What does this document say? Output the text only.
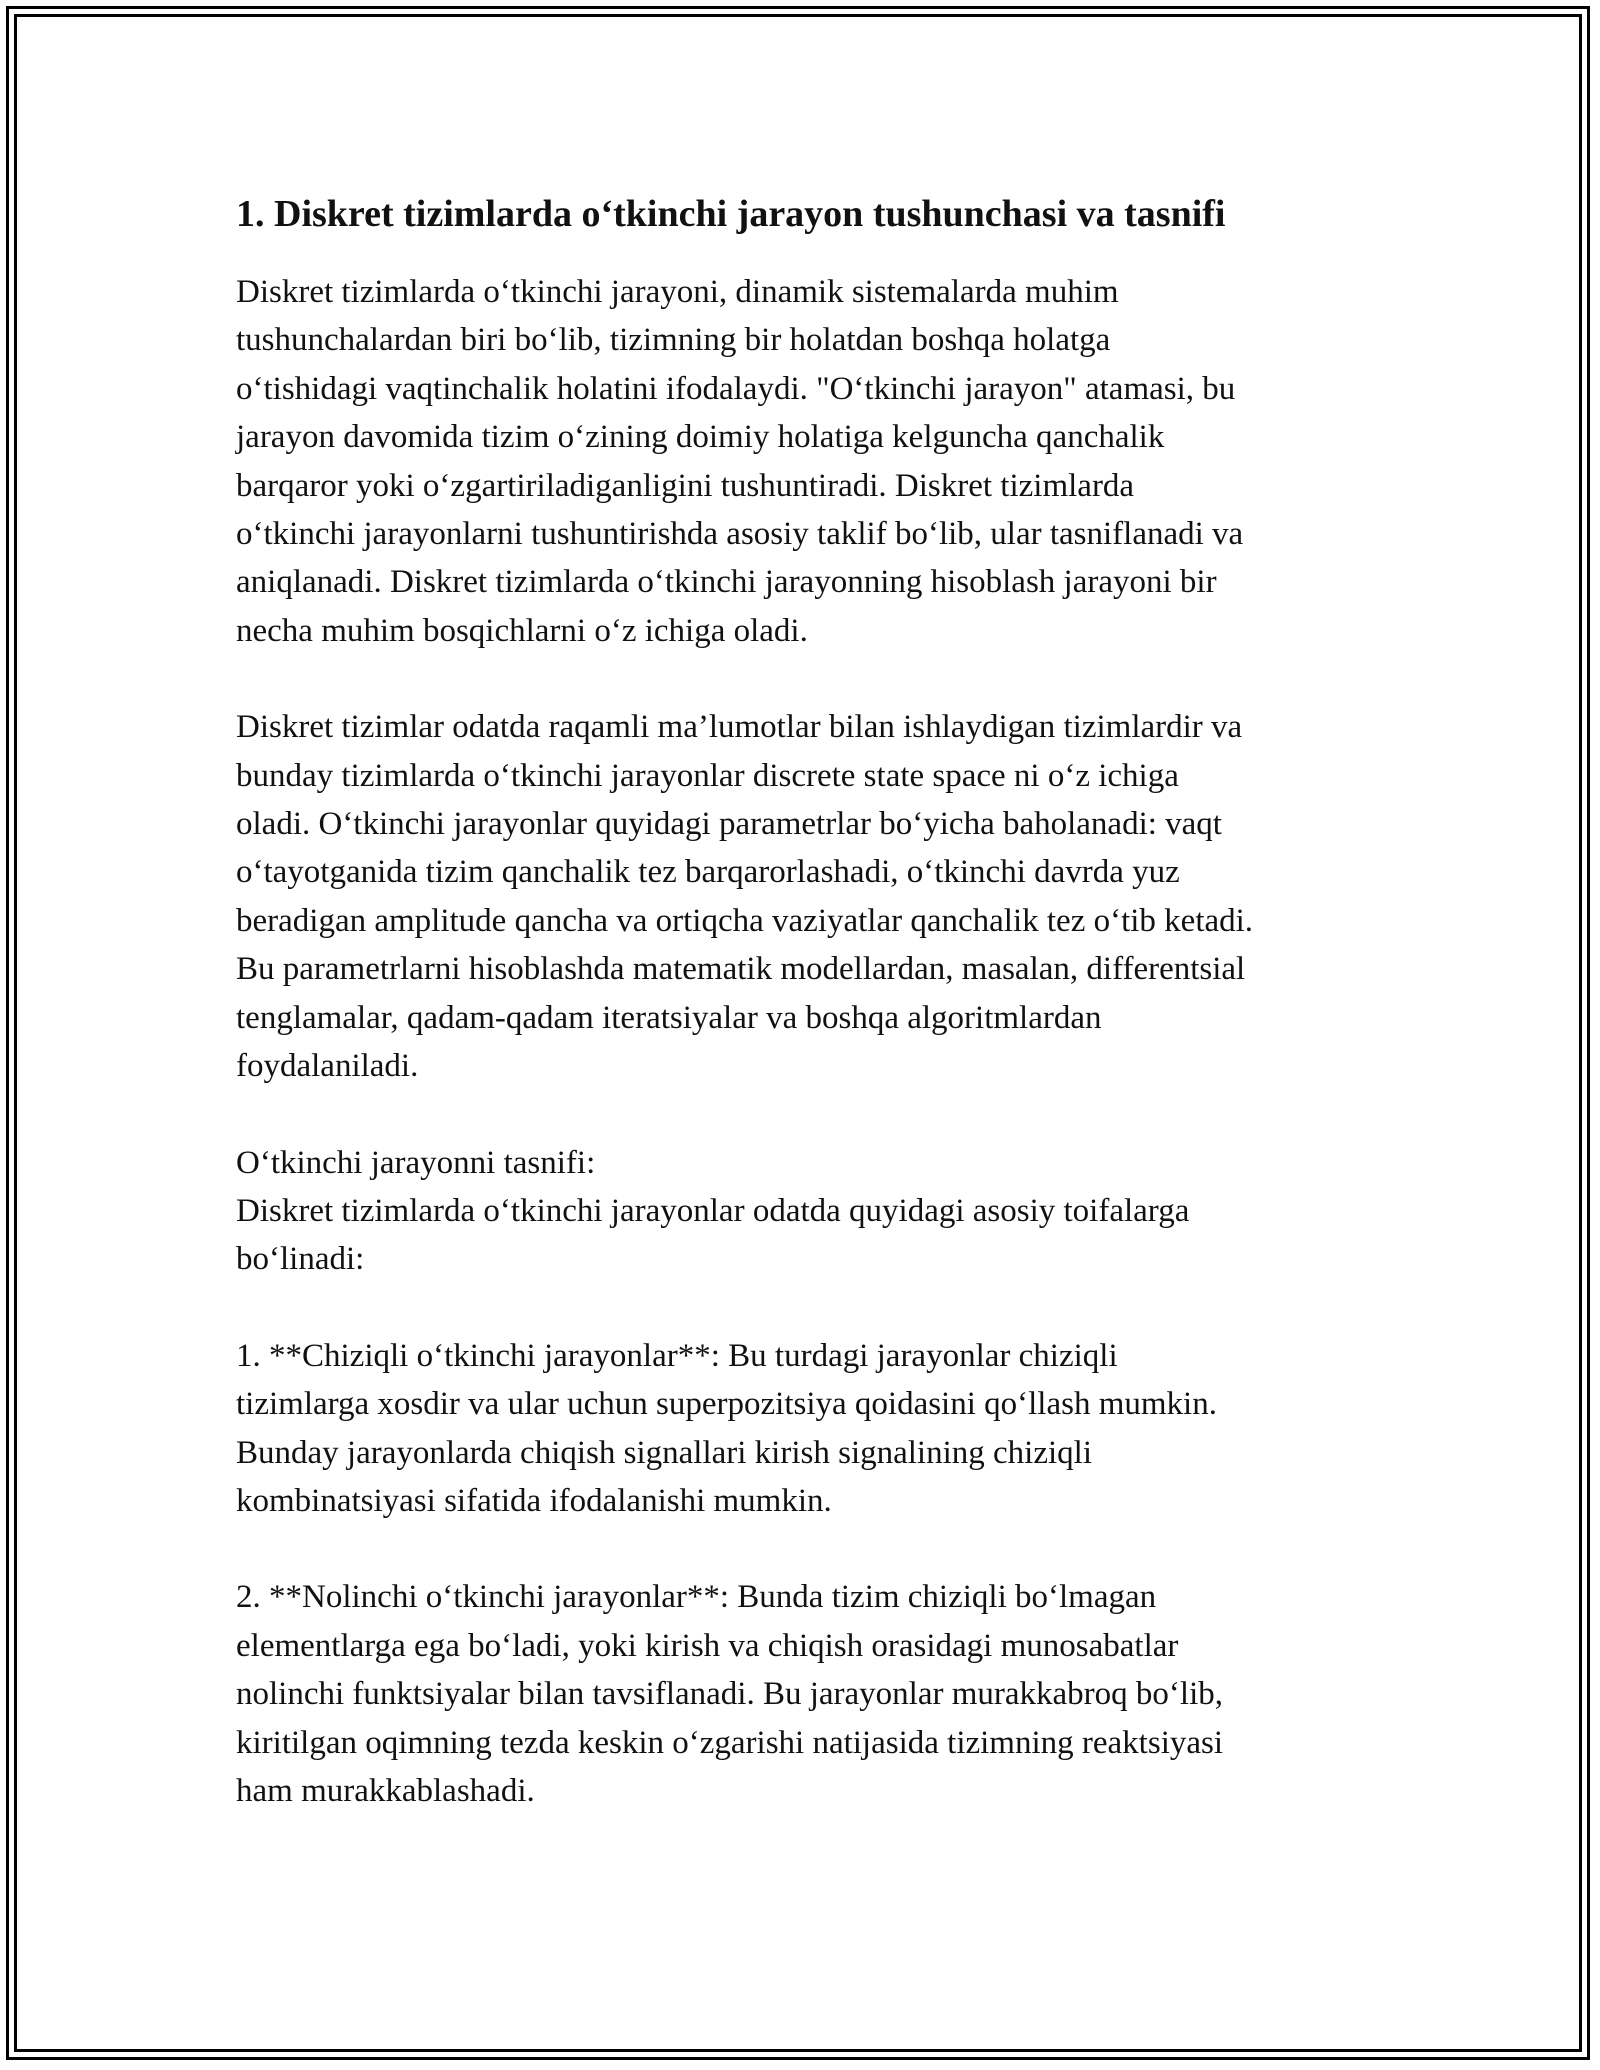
1. Diskret tizimlarda o‘tkinchi jarayon tushunchasi va tasnifi
Diskret tizimlarda o‘tkinchi jarayoni, dinamik sistemalarda muhim
tushunchalardan biri bo‘lib, tizimning bir holatdan boshqa holatga
o‘tishidagi vaqtinchalik holatini ifodalaydi. "O‘tkinchi jarayon" atamasi, bu
jarayon davomida tizim o‘zining doimiy holatiga kelguncha qanchalik
barqaror yoki o‘zgartiriladiganligini tushuntiradi. Diskret tizimlarda
o‘tkinchi jarayonlarni tushuntirishda asosiy taklif bo‘lib, ular tasniflanadi va
aniqlanadi. Diskret tizimlarda o‘tkinchi jarayonning hisoblash jarayoni bir
necha muhim bosqichlarni o‘z ichiga oladi.
Diskret tizimlar odatda raqamli ma’lumotlar bilan ishlaydigan tizimlardir va
bunday tizimlarda o‘tkinchi jarayonlar discrete state space ni o‘z ichiga
oladi. O‘tkinchi jarayonlar quyidagi parametrlar bo‘yicha baholanadi: vaqt
o‘tayotganida tizim qanchalik tez barqarorlashadi, o‘tkinchi davrda yuz
beradigan amplitude qancha va ortiqcha vaziyatlar qanchalik tez o‘tib ketadi.
Bu parametrlarni hisoblashda matematik modellardan, masalan, differentsial
tenglamalar, qadam-qadam iteratsiyalar va boshqa algoritmlardan
foydalaniladi.
O‘tkinchi jarayonni tasnifi:
Diskret tizimlarda o‘tkinchi jarayonlar odatda quyidagi asosiy toifalarga
bo‘linadi:
1. **Chiziqli o‘tkinchi jarayonlar**: Bu turdagi jarayonlar chiziqli
tizimlarga xosdir va ular uchun superpozitsiya qoidasini qo‘llash mumkin.
Bunday jarayonlarda chiqish signallari kirish signalining chiziqli
kombinatsiyasi sifatida ifodalanishi mumkin.
2. **Nolinchi o‘tkinchi jarayonlar**: Bunda tizim chiziqli bo‘lmagan
elementlarga ega bo‘ladi, yoki kirish va chiqish orasidagi munosabatlar
nolinchi funktsiyalar bilan tavsiflanadi. Bu jarayonlar murakkabroq bo‘lib,
kiritilgan oqimning tezda keskin o‘zgarishi natijasida tizimning reaktsiyasi
ham murakkablashadi.
